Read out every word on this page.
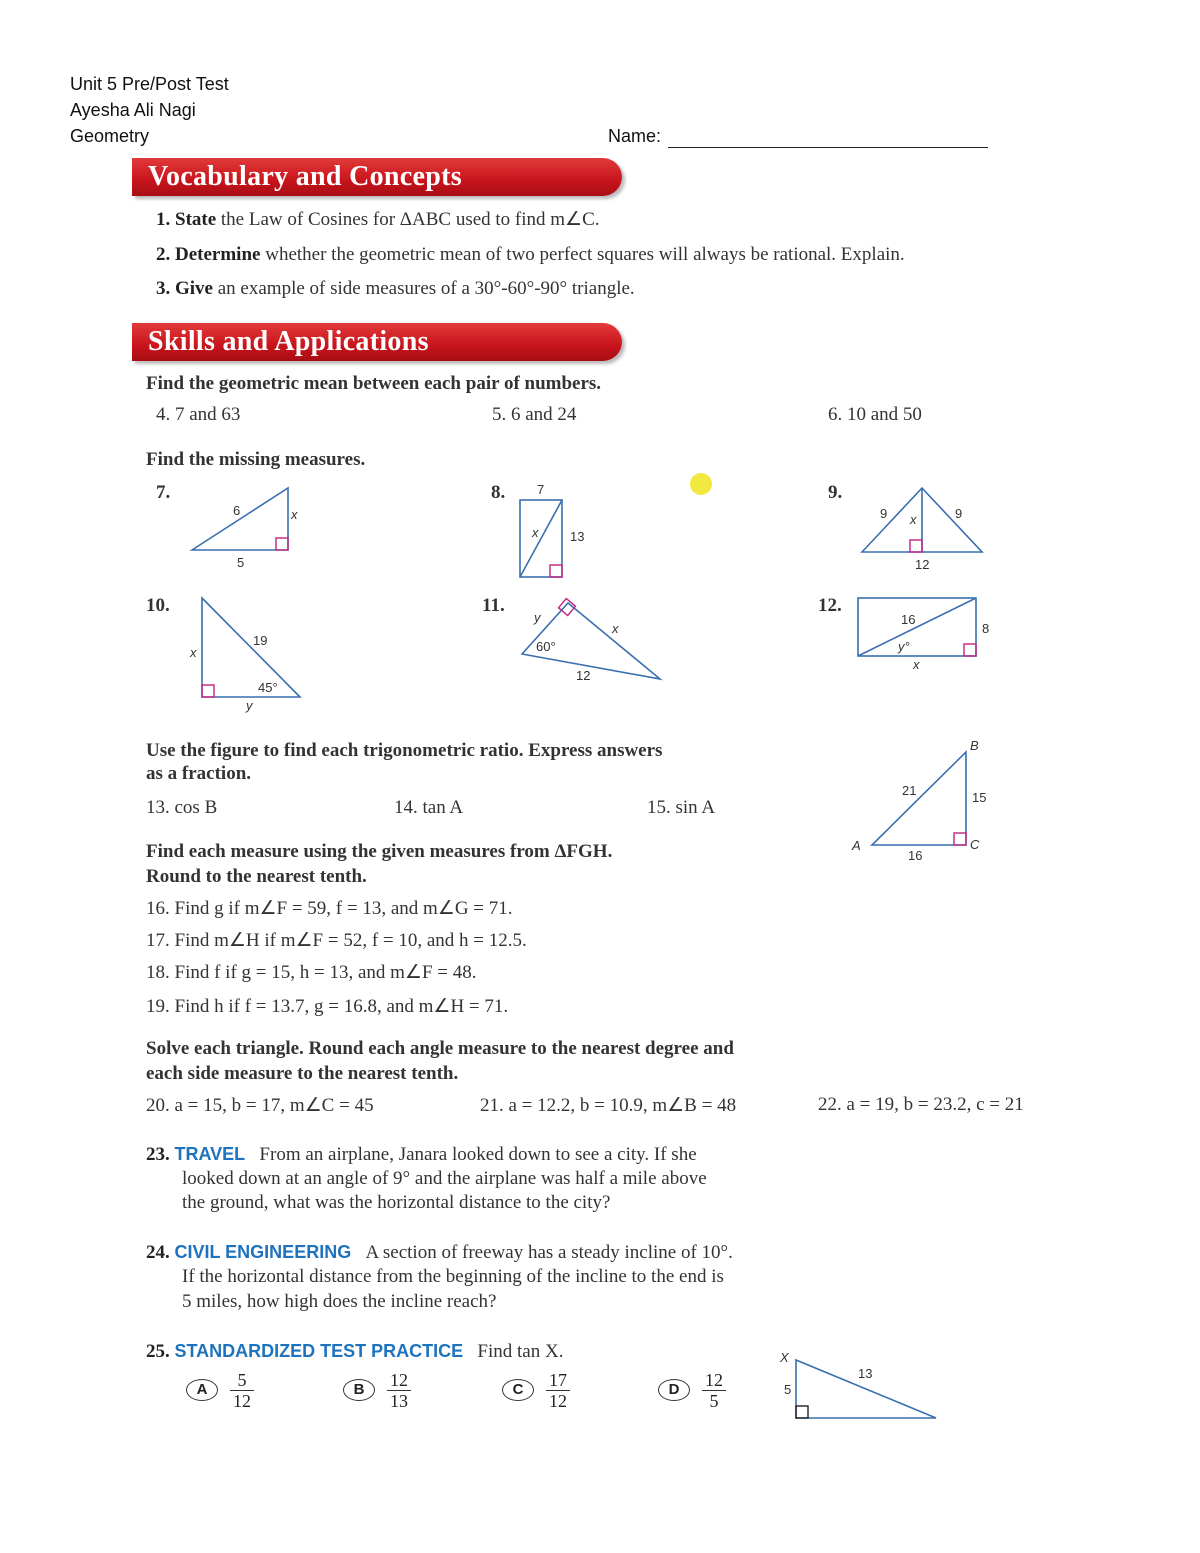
Unit 5 Pre/Post Test
Ayesha Ali Nagi
Geometry	Name:
Vocabulary and Concepts
1. State the Law of Cosines for ΔABC used to find m∠C.
2. Determine whether the geometric mean of two perfect squares will always be rational. Explain.
3. Give an example of side measures of a 30°-60°-90° triangle.
Skills and Applications
Find the geometric mean between each pair of numbers.
4. 7 and 63	5. 6 and 24	6. 10 and 50
Find the missing measures.
7.	8.	9.
10.	11.	12.
6	x
5
7
x 13
9 x	9
12
19
x
45°
y
y
x
60°
12
16
8
y°
x
B
A	C
21	15
16
X
13
5
Use the figure to find each trigonometric ratio. Express answers
as a fraction.
13. cos B	14. tan A	15. sin A
Find each measure using the given measures from ΔFGH.
Round to the nearest tenth.
16. Find g if m∠F = 59, f = 13, and m∠G = 71.
17. Find m∠H if m∠F = 52, f = 10, and h = 12.5.
18. Find f if g = 15, h = 13, and m∠F = 48.
19. Find h if f = 13.7, g = 16.8, and m∠H = 71.
Solve each triangle. Round each angle measure to the nearest degree and
each side measure to the nearest tenth.
20. a = 15, b = 17, m∠C = 45	21. a = 12.2, b = 10.9, m∠B = 48	22. a = 19, b = 23.2, c = 21
23. TRAVEL From an airplane, Janara looked down to see a city. If she
looked down at an angle of 9° and the airplane was half a mile above
the ground, what was the horizontal distance to the city?
24. CIVIL ENGINEERING A section of freeway has a steady incline of 10°.
If the horizontal distance from the beginning of the incline to the end is
5 miles, how high does the incline reach?
25. STANDARDIZED TEST PRACTICE Find tan X.
A	5
12
B	12
13
C	17
12
D	12
5
